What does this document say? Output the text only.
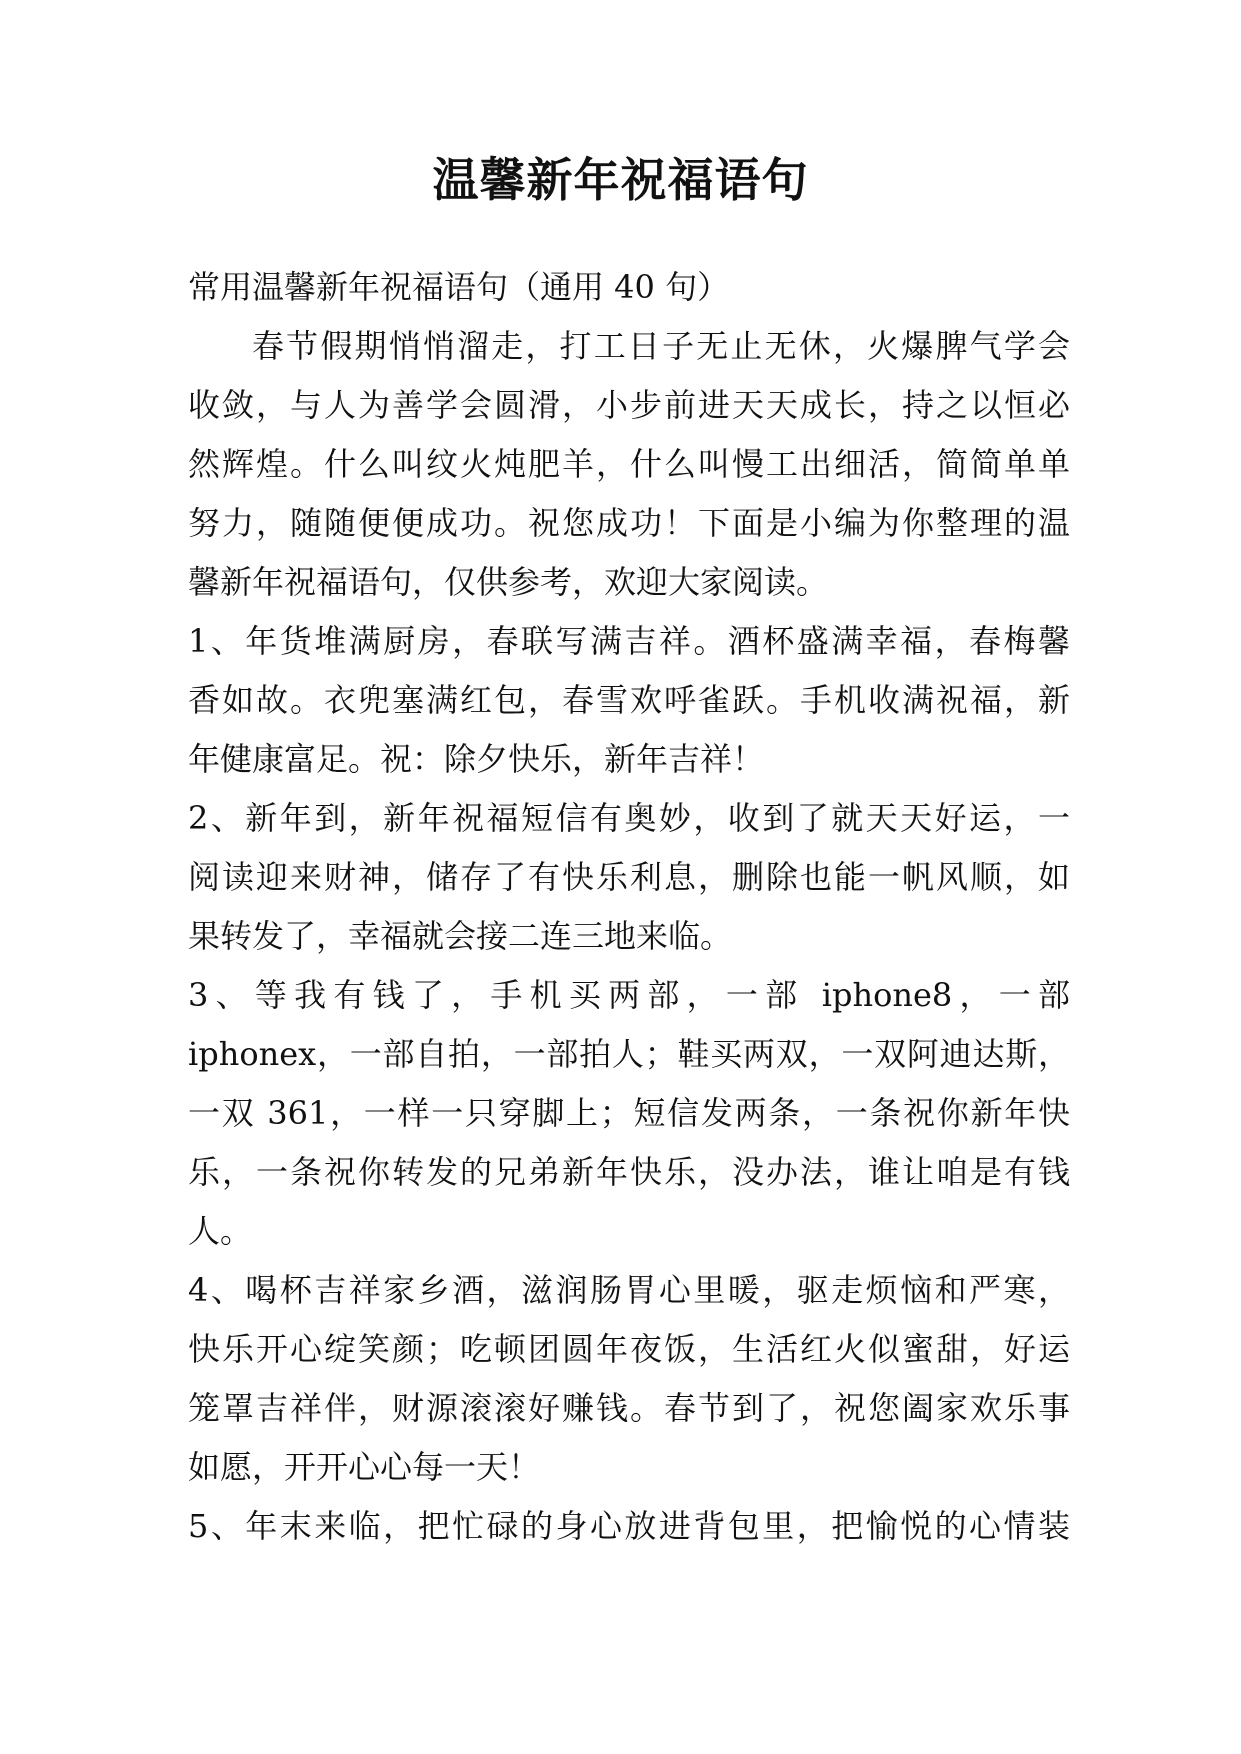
温馨新年祝福语句
常用温馨新年祝福语句（通用 40 句）
春节假期悄悄溜走，打工日子无止无休，火爆脾气学会
收敛，与人为善学会圆滑，小步前进天天成长，持之以恒必
然辉煌。什么叫纹火炖肥羊，什么叫慢工出细活，简简单单
努力，随随便便成功。祝您成功！下面是小编为你整理的温
馨新年祝福语句，仅供参考，欢迎大家阅读。
1、年货堆满厨房，春联写满吉祥。酒杯盛满幸福，春梅馨
香如故。衣兜塞满红包，春雪欢呼雀跃。手机收满祝福，新
年健康富足。祝：除夕快乐，新年吉祥！
2、新年到，新年祝福短信有奥妙，收到了就天天好运，一
阅读迎来财神，储存了有快乐利息，删除也能一帆风顺，如
果转发了，幸福就会接二连三地来临。
3、等我有钱了，手机买两部，一部 iphone8，一部
iphonex，一部自拍，一部拍人；鞋买两双，一双阿迪达斯，
一双 361，一样一只穿脚上；短信发两条，一条祝你新年快
乐，一条祝你转发的兄弟新年快乐，没办法，谁让咱是有钱
人。
4、喝杯吉祥家乡酒，滋润肠胃心里暖，驱走烦恼和严寒，
快乐开心绽笑颜；吃顿团圆年夜饭，生活红火似蜜甜，好运
笼罩吉祥伴，财源滚滚好赚钱。春节到了，祝您阖家欢乐事
如愿，开开心心每一天！
5、年末来临，把忙碌的身心放进背包里，把愉悦的心情装
